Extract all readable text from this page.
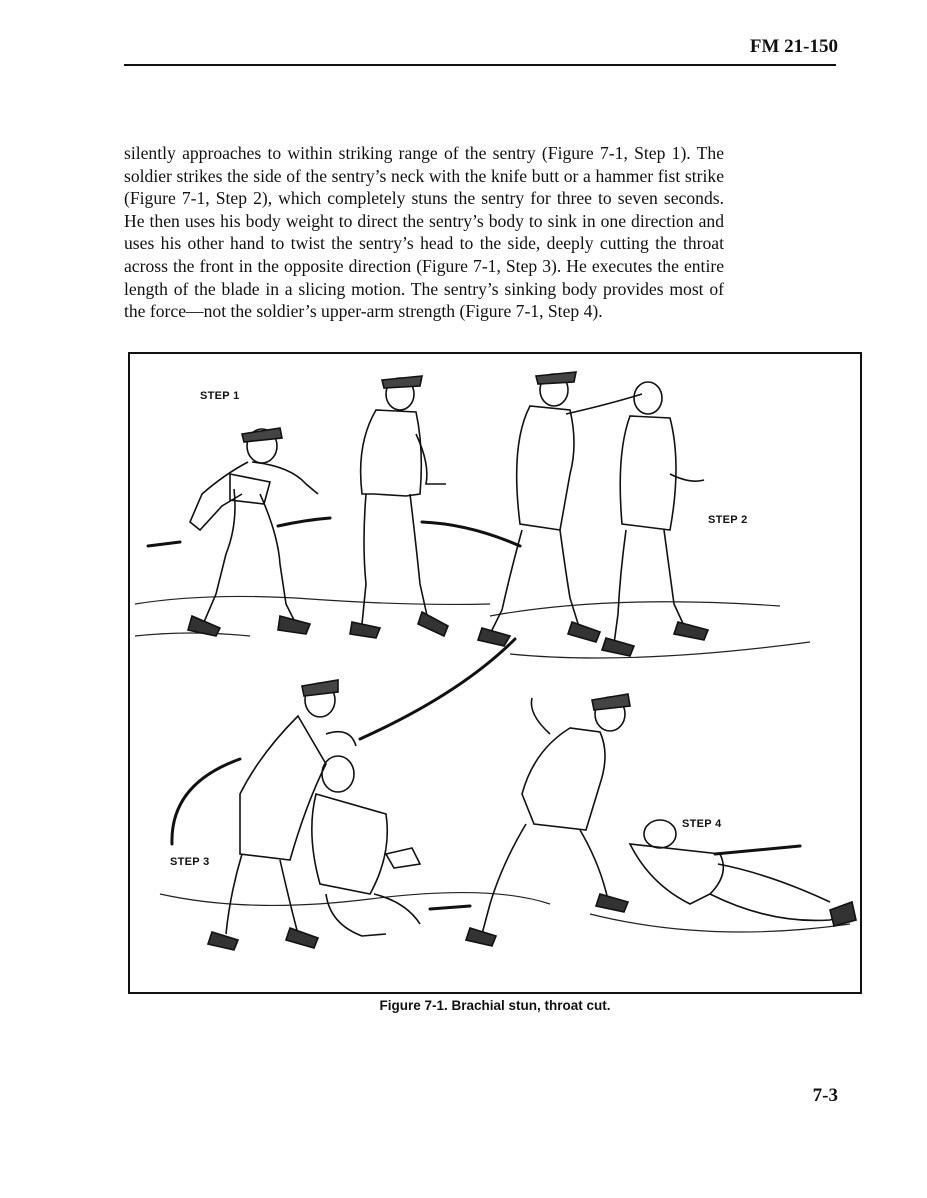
FM 21-150

silently approaches to within striking range of the sentry (Figure 7-1, Step 1). The soldier strikes the side of the sentry’s neck with the knife butt or a hammer fist strike (Figure 7-1, Step 2), which completely stuns the sentry for three to seven seconds. He then uses his body weight to direct the sentry’s body to sink in one direction and uses his other hand to twist the sentry’s head to the side, deeply cutting the throat across the front in the opposite direction (Figure 7-1, Step 3). He executes the entire length of the blade in a slicing motion. The sentry’s sinking body provides most of the force—not the soldier’s upper-arm strength (Figure 7-1, Step 4).

STEP 1
STEP 2
STEP 3
STEP 4
Figure 7-1. Brachial stun, throat cut.
7-3
